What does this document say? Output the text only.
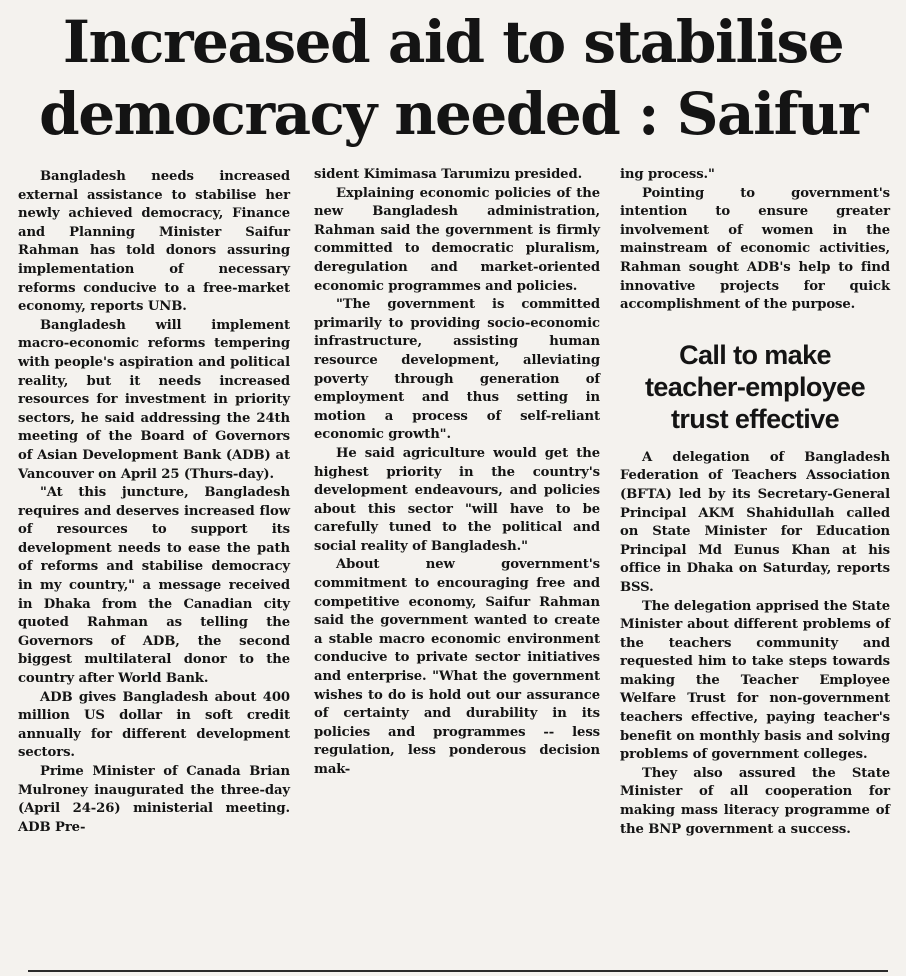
Increased aid to stabilise
democracy needed : Saifur

Bangladesh needs increased external assistance to stabilise her newly achieved democracy, Finance and Planning Minister Saifur Rahman has told donors assuring implementation of necessary reforms conducive to a free-market economy, reports UNB.

Bangladesh will implement macro-economic reforms tempering with people's aspiration and political reality, but it needs increased resources for investment in priority sectors, he said addressing the 24th meeting of the Board of Governors of Asian Development Bank (ADB) at Vancouver on April 25 (Thurs-day).

"At this juncture, Bangladesh requires and deserves increased flow of resources to support its development needs to ease the path of reforms and stabilise democracy in my country," a message received in Dhaka from the Canadian city quoted Rahman as telling the Governors of ADB, the second biggest multilateral donor to the country after World Bank.

ADB gives Bangladesh about 400 million US dollar in soft credit annually for different development sectors.

Prime Minister of Canada Brian Mulroney inaugurated the three-day (April 24-26) ministerial meeting. ADB Pre-

sident Kimimasa Tarumizu presided.

Explaining economic policies of the new Bangladesh administration, Rahman said the government is firmly committed to democratic pluralism, deregulation and market-oriented economic programmes and policies.

"The government is committed primarily to providing socio-economic infrastructure, assisting human resource development, alleviating poverty through generation of employment and thus setting in motion a process of self-reliant economic growth".

He said agriculture would get the highest priority in the country's development endeavours, and policies about this sector "will have to be carefully tuned to the political and social reality of Bangladesh."

About new government's commitment to encouraging free and competitive economy, Saifur Rahman said the government wanted to create a stable macro economic environment conducive to private sector initiatives and enterprise. "What the government wishes to do is hold out our assurance of certainty and durability in its policies and programmes -- less regulation, less ponderous decision mak-

ing process."

Pointing to government's intention to ensure greater involvement of women in the mainstream of economic activities, Rahman sought ADB's help to find innovative projects for quick accomplishment of the purpose.

Call to make
teacher-employee
trust effective

A delegation of Bangladesh Federation of Teachers Association (BFTA) led by its Secretary-General Principal AKM Shahidullah called on State Minister for Education Principal Md Eunus Khan at his office in Dhaka on Saturday, reports BSS.

The delegation apprised the State Minister about different problems of the teachers community and requested him to take steps towards making the Teacher Employee Welfare Trust for non-government teachers effective, paying teacher's benefit on monthly basis and solving problems of government colleges.

They also assured the State Minister of all cooperation for making mass literacy programme of the BNP government a success.
